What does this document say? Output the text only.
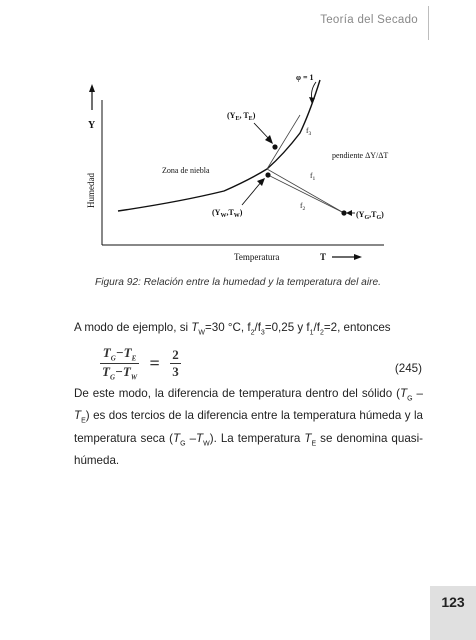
Teoría del Secado
Y
Humedad
Temperatura	T
φ = 1
($Y_E$, $T_E$)
$(Y_W,T_W)$	$(Y_G,T_G)$
Zona de niebla
pendiente ΔY/ΔT
$f_1$
$f_2$
$f_3$
Figura 92: Relación entre la humedad y la temperatura del aire.
A modo de ejemplo, si $T_W=30$ °C, $f_2/f_3=0,25$ y $f_1/f_2=2$, entonces
$\frac{T_G-T_E}{T_G-T_W} = \frac{2}{3}$	(245)
De este modo, la diferencia de temperatura dentro del sólido $(T_G - T_E)$ es dos tercios de la diferencia entre la temperatura húmeda y la temperatura seca ($T_G$ $-T_W$). La temperatura $T_E$ se denomina quasi-húmeda.
123
